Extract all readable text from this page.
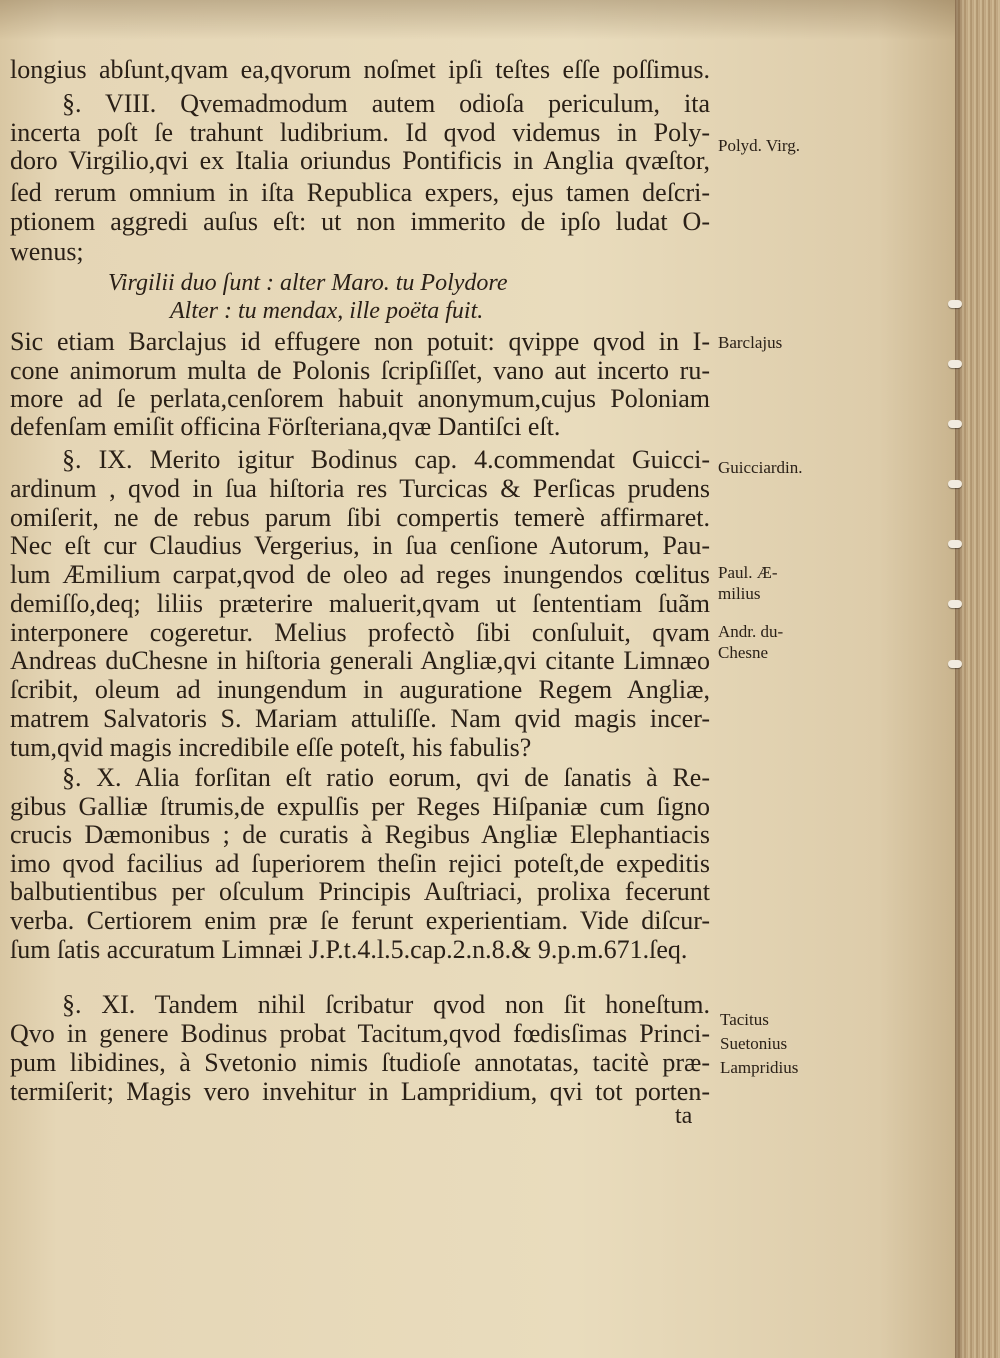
longius abſunt,qvam ea,qvorum noſmet ipſi teſtes eſſe poſſimus.
§. VIII. Qvemadmodum autem odioſa periculum, ita
incerta poſt ſe trahunt ludibrium. Id qvod videmus in Poly-
doro Virgilio,qvi ex Italia oriundus Pontificis in Anglia qvæſtor,
ſed rerum omnium in iſta Republica expers, ejus tamen deſcri-
ptionem aggredi auſus eſt: ut non immerito de ipſo ludat O-
wenus;
Virgilii duo ſunt : alter Maro. tu Polydore
Alter : tu mendax, ille poëta fuit.
Sic etiam Barclajus id effugere non potuit: qvippe qvod in I-
cone animorum multa de Polonis ſcripſiſſet, vano aut incerto ru-
more ad ſe perlata,cenſorem habuit anonymum,cujus Poloniam
defenſam emiſit officina Förſteriana,qvæ Dantiſci eſt.
§. IX. Merito igitur Bodinus cap. 4.commendat Guicci-
ardinum , qvod in ſua hiſtoria res Turcicas & Perſicas prudens
omiſerit, ne de rebus parum ſibi compertis temerè affirmaret.
Nec eſt cur Claudius Vergerius, in ſua cenſione Autorum, Pau-
lum Æmilium carpat,qvod de oleo ad reges inungendos cœlitus
demiſſo,deq; liliis præterire maluerit,qvam ut ſententiam ſuãm
interponere cogeretur. Melius profectò ſibi conſuluit, qvam
Andreas duChesne in hiſtoria generali Angliæ,qvi citante Limnæo
ſcribit, oleum ad inungendum in auguratione Regem Angliæ,
matrem Salvatoris S. Mariam attuliſſe. Nam qvid magis incer-
tum,qvid magis incredibile eſſe poteſt, his fabulis?
§. X. Alia forſitan eſt ratio eorum, qvi de ſanatis à Re-
gibus Galliæ ſtrumis,de expulſis per Reges Hiſpaniæ cum ſigno
crucis Dæmonibus ; de curatis à Regibus Angliæ Elephantiacis
imo qvod facilius ad ſuperiorem theſin rejici poteſt,de expeditis
balbutientibus per oſculum Principis Auſtriaci, prolixa fecerunt
verba. Certiorem enim præ ſe ferunt experientiam. Vide diſcur-
ſum ſatis accuratum Limnæi J.P.t.4.l.5.cap.2.n.8.& 9.p.m.671.ſeq.
§. XI. Tandem nihil ſcribatur qvod non ſit honeſtum.
Qvo in genere Bodinus probat Tacitum,qvod fœdisſimas Princi-
pum libidines, à Svetonio nimis ſtudioſe annotatas, tacitè præ-
termiſerit; Magis vero invehitur in Lampridium, qvi tot porten-
ta
Polyd. Virg.
Barclajus
Guicciardin.
Paul. Æ-
milius
Andr. du-
Chesne
Tacitus
Suetonius
Lampridius
